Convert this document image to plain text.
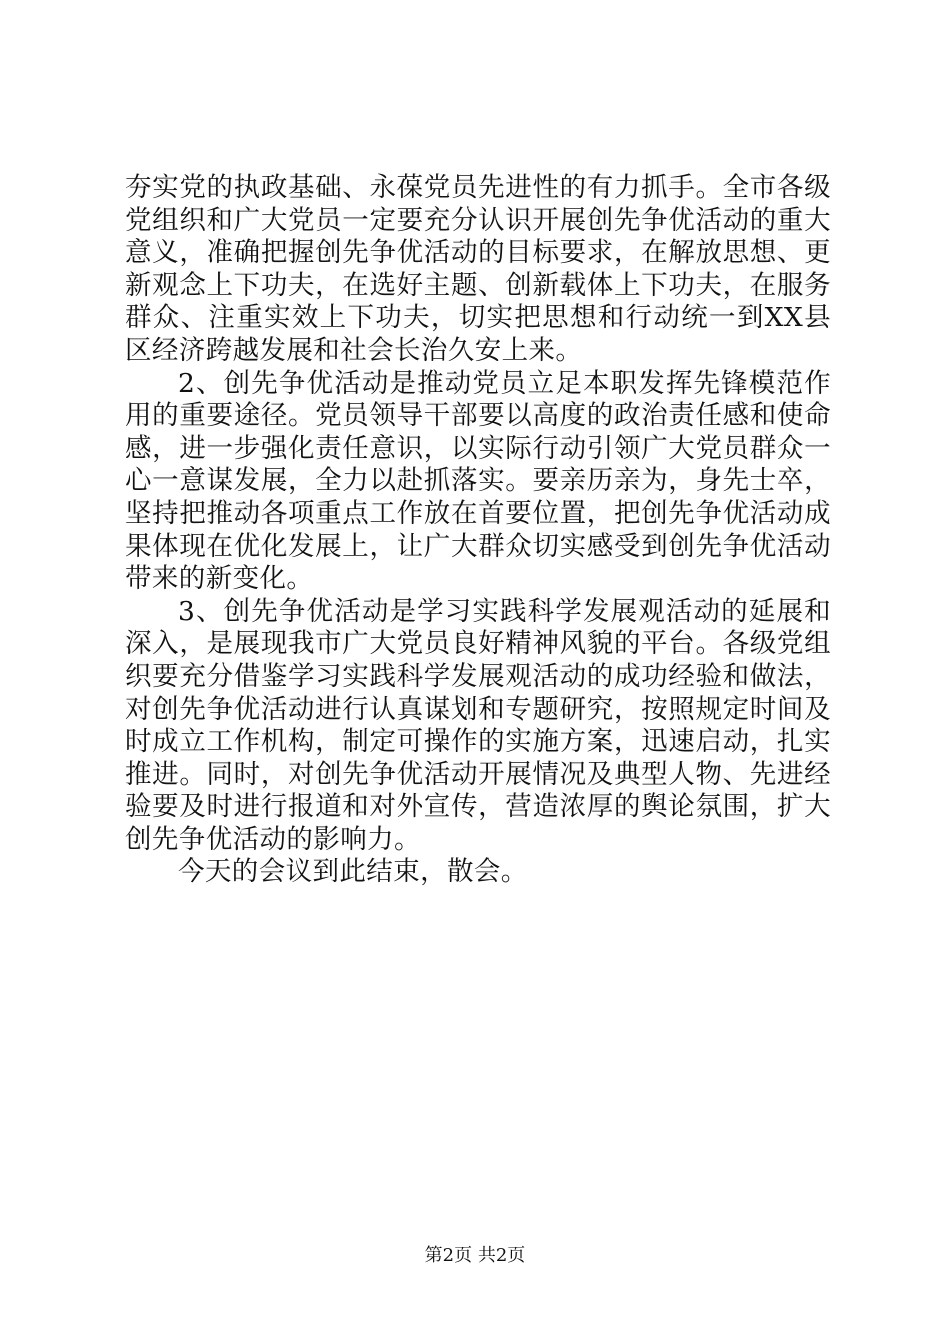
夯实党的执政基础、永葆党员先进性的有力抓手。全市各级党组织和广大党员一定要充分认识开展创先争优活动的重大意义，准确把握创先争优活动的目标要求，在解放思想、更新观念上下功夫，在选好主题、创新载体上下功夫，在服务群众、注重实效上下功夫，切实把思想和行动统一到XX县区经济跨越发展和社会长治久安上来。

2、创先争优活动是推动党员立足本职发挥先锋模范作用的重要途径。党员领导干部要以高度的政治责任感和使命感，进一步强化责任意识，以实际行动引领广大党员群众一心一意谋发展，全力以赴抓落实。要亲历亲为，身先士卒，坚持把推动各项重点工作放在首要位置，把创先争优活动成果体现在优化发展上，让广大群众切实感受到创先争优活动带来的新变化。

3、创先争优活动是学习实践科学发展观活动的延展和深入，是展现我市广大党员良好精神风貌的平台。各级党组织要充分借鉴学习实践科学发展观活动的成功经验和做法，对创先争优活动进行认真谋划和专题研究，按照规定时间及时成立工作机构，制定可操作的实施方案，迅速启动，扎实推进。同时，对创先争优活动开展情况及典型人物、先进经验要及时进行报道和对外宣传，营造浓厚的舆论氛围，扩大创先争优活动的影响力。

今天的会议到此结束，散会。

第2页 共2页
